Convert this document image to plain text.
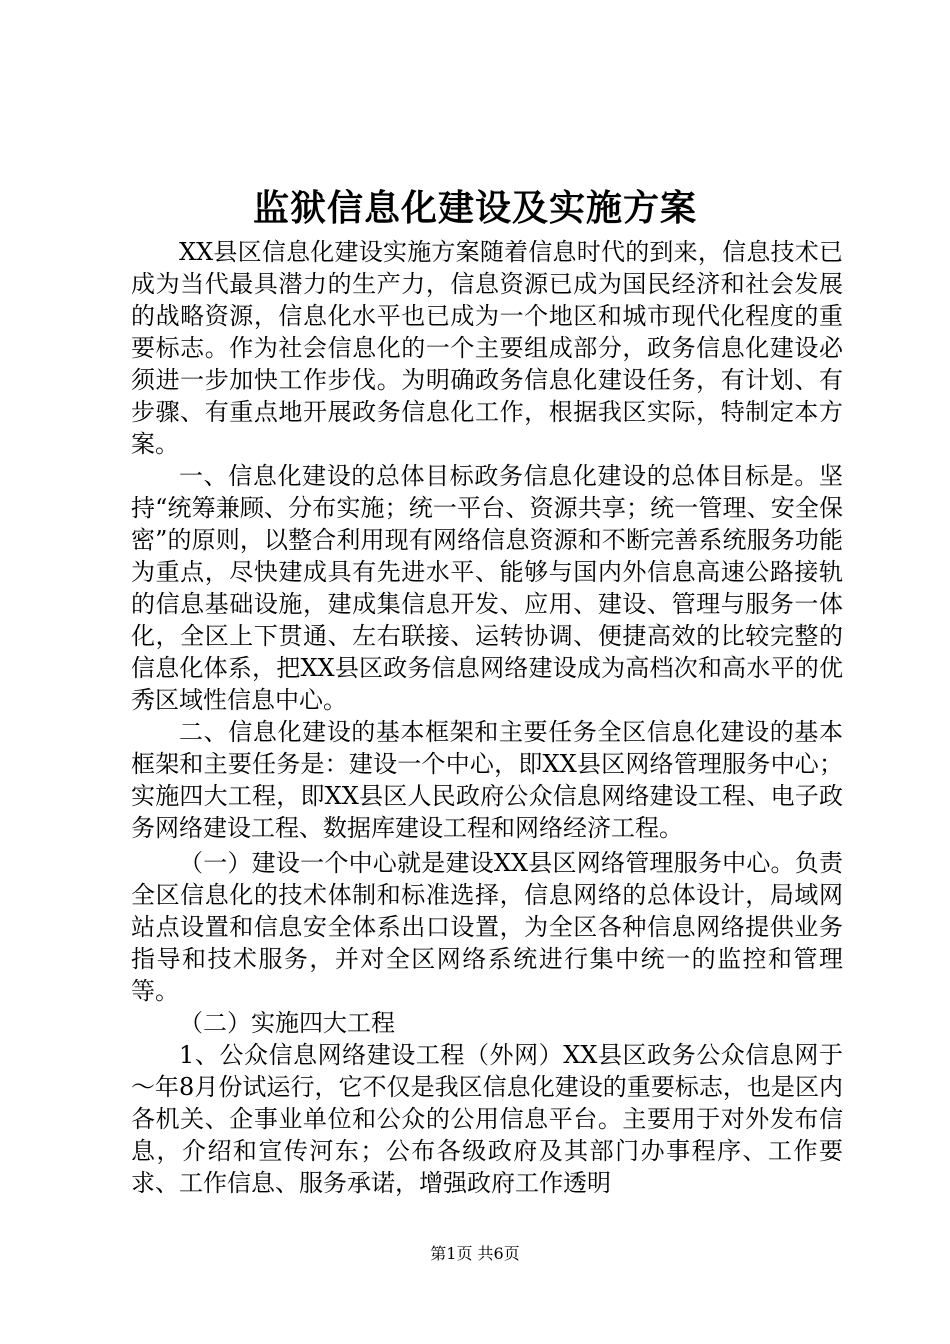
监狱信息化建设及实施方案

XX县区信息化建设实施方案随着信息时代的到来，信息技术已成为当代最具潜力的生产力，信息资源已成为国民经济和社会发展的战略资源，信息化水平也已成为一个地区和城市现代化程度的重要标志。作为社会信息化的一个主要组成部分，政务信息化建设必须进一步加快工作步伐。为明确政务信息化建设任务，有计划、有步骤、有重点地开展政务信息化工作，根据我区实际，特制定本方案。

一、信息化建设的总体目标政务信息化建设的总体目标是。坚持“统筹兼顾、分布实施；统一平台、资源共享；统一管理、安全保密”的原则，以整合利用现有网络信息资源和不断完善系统服务功能为重点，尽快建成具有先进水平、能够与国内外信息高速公路接轨的信息基础设施，建成集信息开发、应用、建设、管理与服务一体化，全区上下贯通、左右联接、运转协调、便捷高效的比较完整的信息化体系，把XX县区政务信息网络建设成为高档次和高水平的优秀区域性信息中心。

二、信息化建设的基本框架和主要任务全区信息化建设的基本框架和主要任务是：建设一个中心，即XX县区网络管理服务中心；实施四大工程，即XX县区人民政府公众信息网络建设工程、电子政务网络建设工程、数据库建设工程和网络经济工程。

（一）建设一个中心就是建设XX县区网络管理服务中心。负责全区信息化的技术体制和标准选择，信息网络的总体设计，局域网站点设置和信息安全体系出口设置，为全区各种信息网络提供业务指导和技术服务，并对全区网络系统进行集中统一的监控和管理等。

（二）实施四大工程

1、公众信息网络建设工程（外网）XX县区政务公众信息网于～年8月份试运行，它不仅是我区信息化建设的重要标志，也是区内各机关、企事业单位和公众的公用信息平台。主要用于对外发布信息，介绍和宣传河东；公布各级政府及其部门办事程序、工作要求、工作信息、服务承诺，增强政府工作透明

第1页 共6页
